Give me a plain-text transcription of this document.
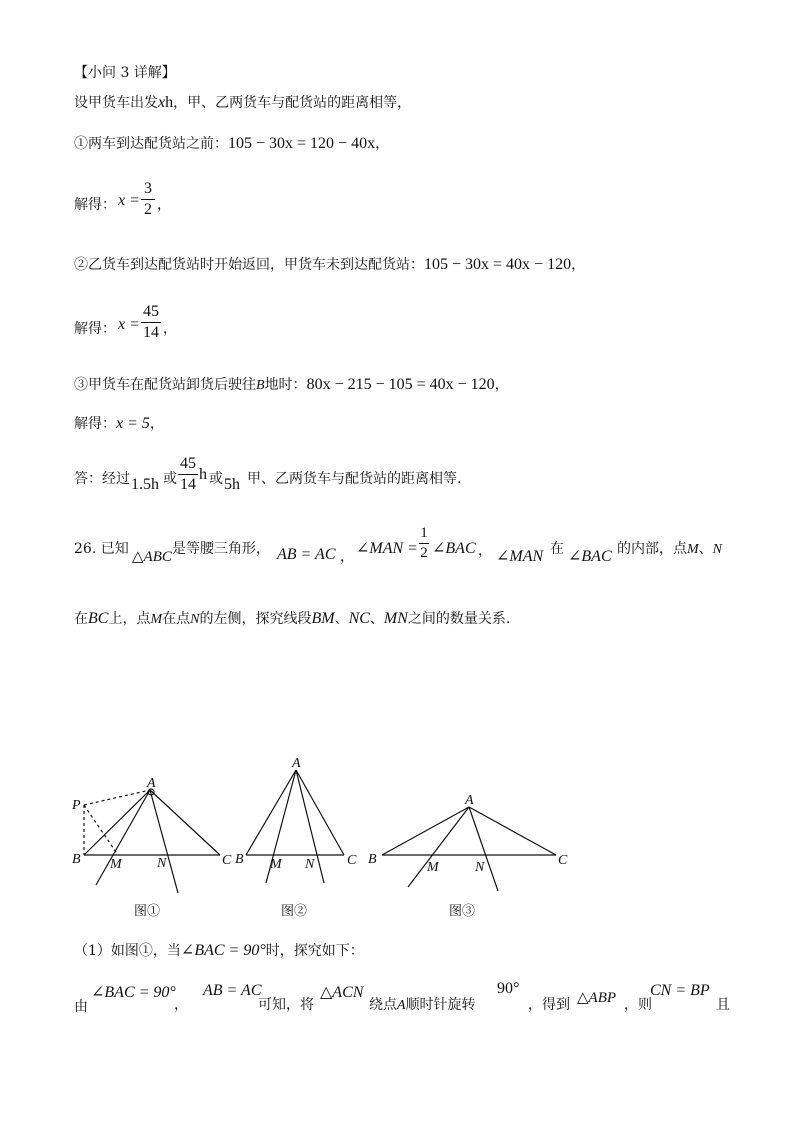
【小问 3 详解】
设甲货车出发xh，甲、乙两货车与配货站的距离相等，
①两车到达配货站之前：105 − 30x = 120 − 40x，
解得： x =
3
2 ，
②乙货车到达配货站时开始返回，甲货车未到达配货站：105 − 30x = 40x − 120，
解得： x =
45
14 ，
③甲货车在配货站卸货后驶往B地时：80x − 215 − 105 = 40x − 120，
解得：x = 5，
答：经过 1.5h 或
45
14
h 或 5h 甲、乙两货车与配货站的距离相等.
26. 已知 △ABC 是等腰三角形， AB = AC ， ∠MAN =
1
2 ∠BAC ， ∠MAN 在 ∠BAC 的内部，点M、N
在BC上，点M在点N的左侧，探究线段BM、NC、MN之间的数量关系.
A
B	C
M	N
P
A
B	C
M N
A
B	C
M	N
图①	图②	图③
（1）如图①，当∠BAC = 90°时，探究如下：
由
∠BAC = 90°
，
AB = AC
可知，将
△ACN
绕点A顺时针旋转
90°
，得到 △ABP ，则
CN = BP
且
